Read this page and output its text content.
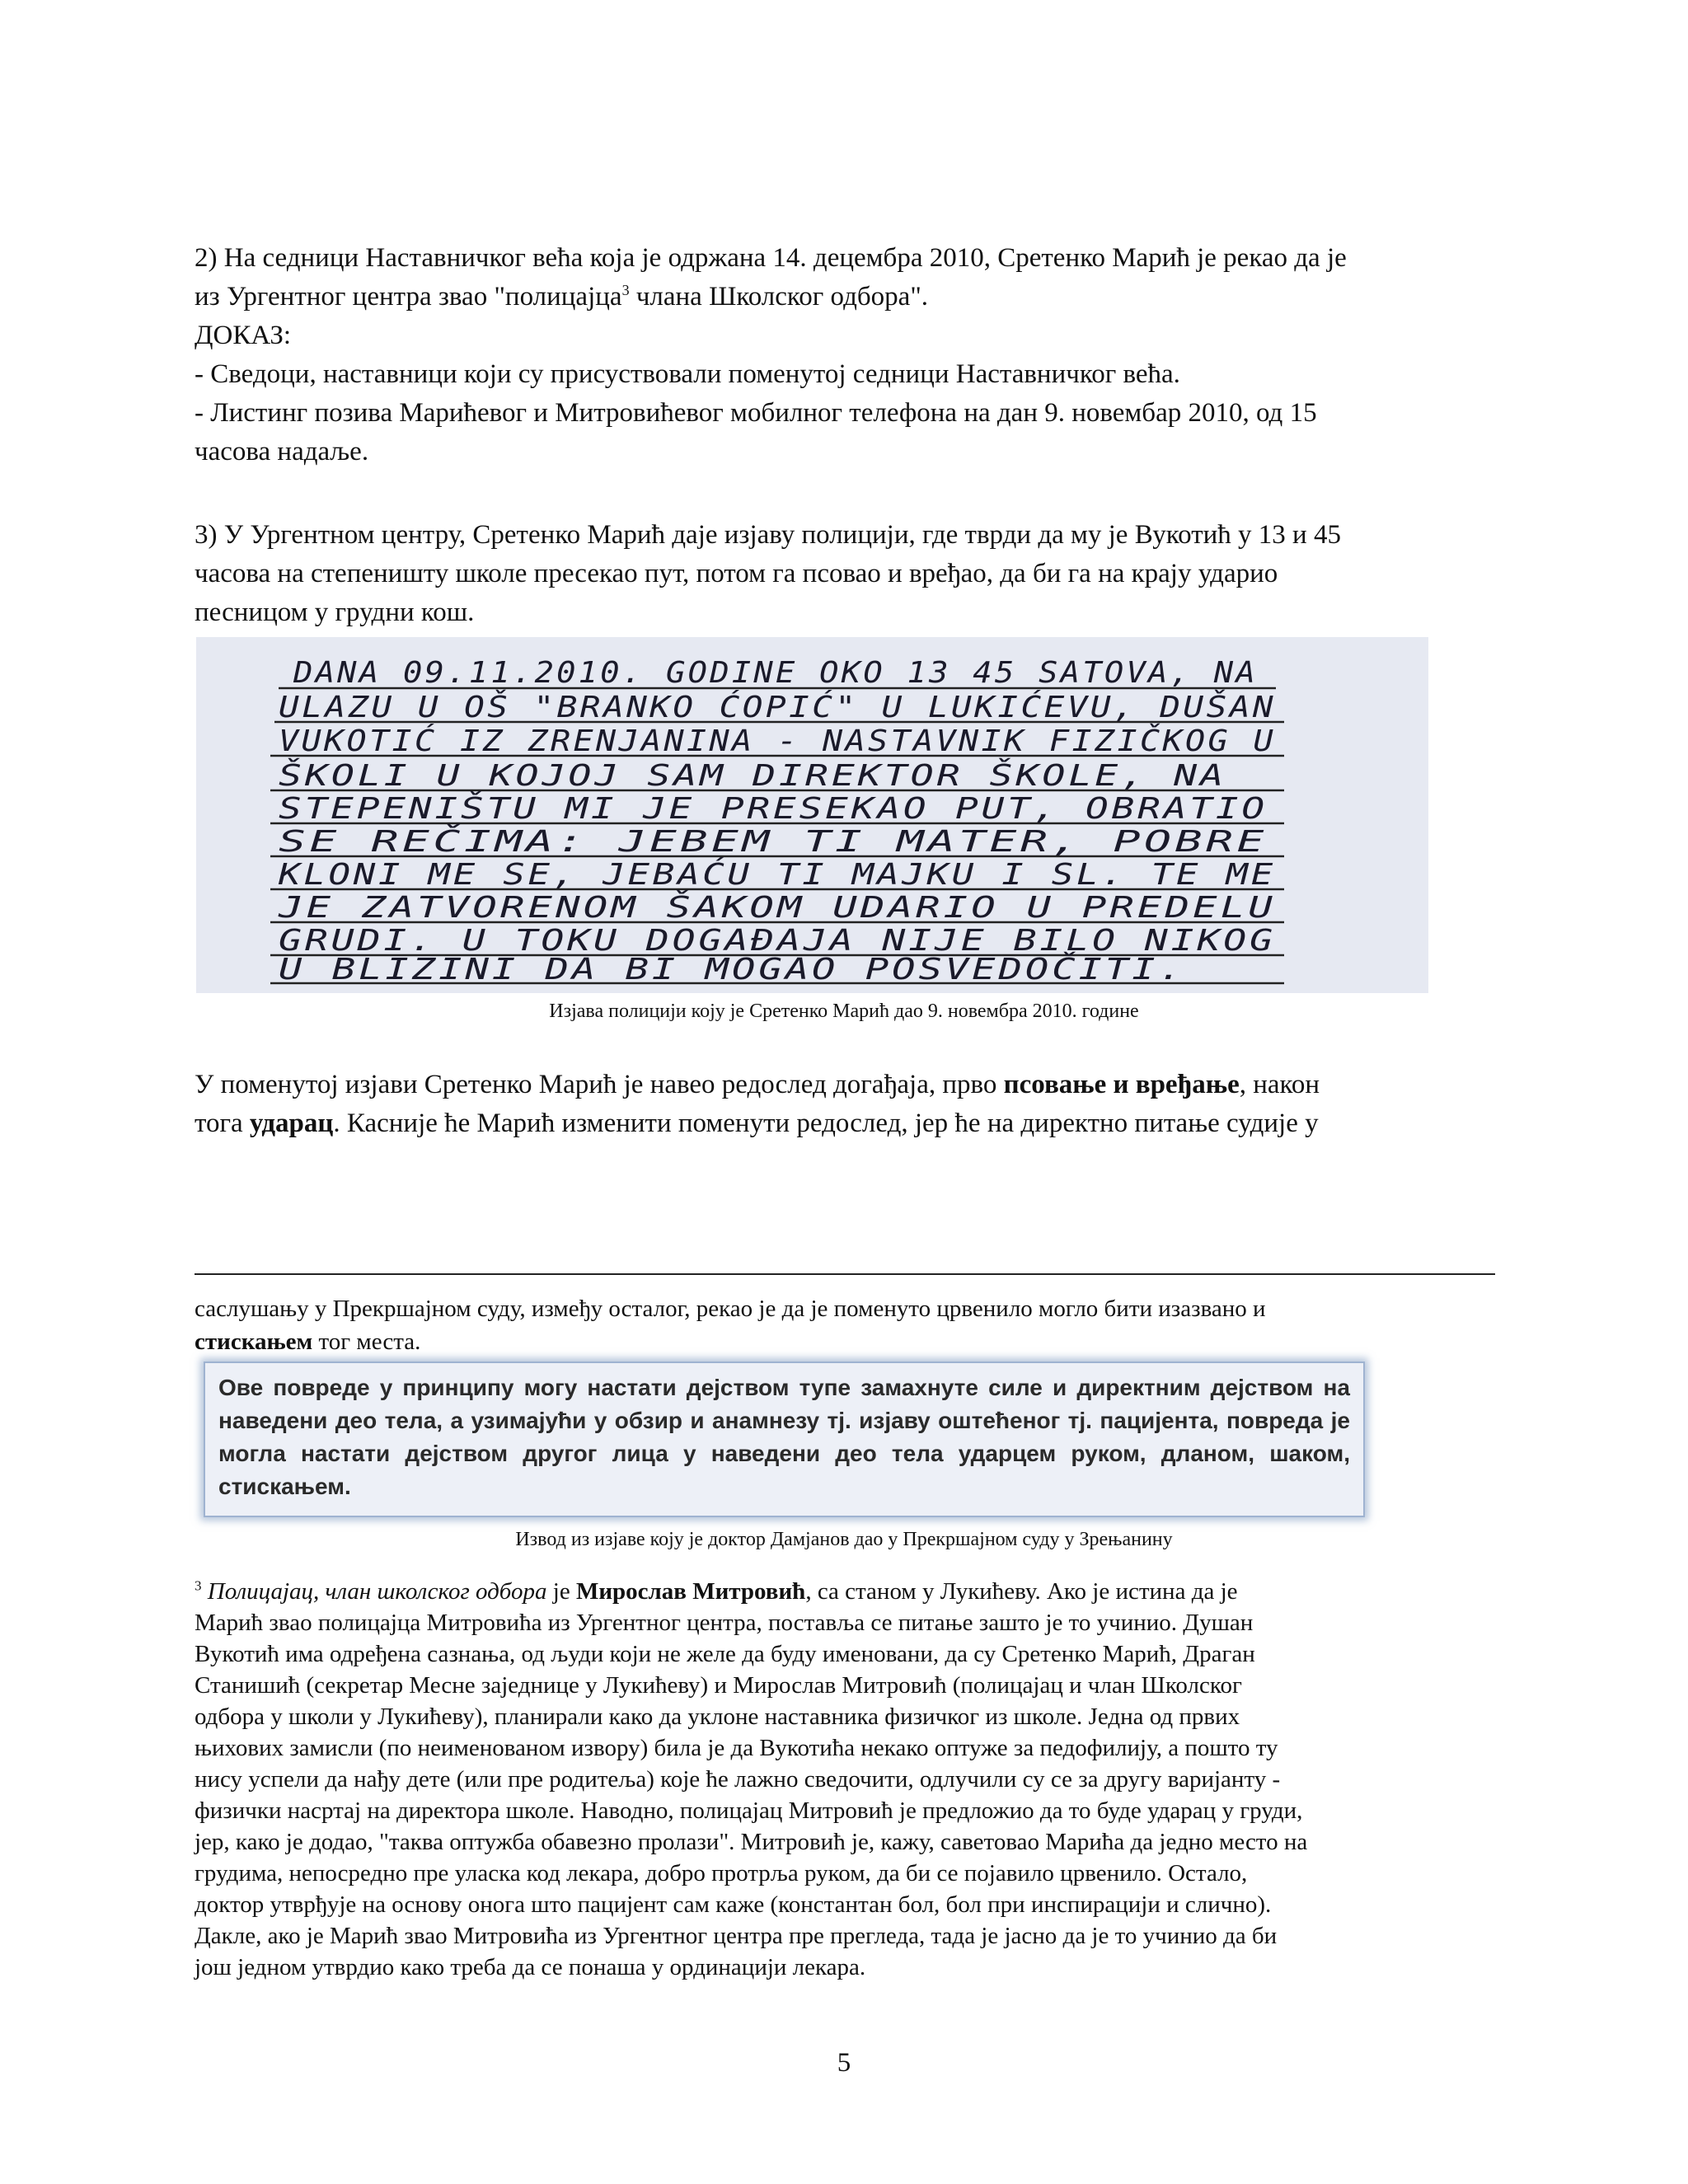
2) На седници Наставничког већа која је одржана 14. децембра 2010, Сретенко Марић је рекао да је
из Ургентног центра звао "полицајца$^3$ члана Школског одбора".
ДОКАЗ:
- Сведоци, наставници који су присуствовали поменутој седници Наставничког већа.
- Листинг позива Марићевог и Митровићевог мобилног телефона на дан 9. новембар 2010, од 15
часова надаље.

3) У Ургентном центру, Сретенко Марић даје изјаву полицији, где тврди да му је Вукотић у 13 и 45
часова на степеништу школе пресекао пут, потом га псовао и вређао, да би га на крају ударио
песницом у грудни кош.

DANA 09.11.2010. GODINE OKO 13 45 SATOVA, NA
ULAZU U OŠ "BRANKO ĆOPIĆ" U LUKIĆEVU, DUŠAN
VUKOTIĆ IZ ZRENJANINA - NASTAVNIK FIZIČKOG U
ŠKOLI U KOJOJ SAM DIREKTOR ŠKOLE, NA
STEPENIŠTU MI JE PRESEKAO PUT, OBRATIO
SE REČIMA: JEBEM TI MATER, POBRE
KLONI ME SE, JEBAĆU TI MAJKU I SL. TE ME
JE ZATVORENOM ŠAKOM UDARIO U PREDELU
GRUDI. U TOKU DOGAĐAJA NIJE BILO NIKOG
U BLIZINI DA BI MOGAO POSVEDOČITI.
Изјава полицији коју је Сретенко Марић дао 9. новембра 2010. године

У поменутој изјави Сретенко Марић је навео редослед догађаја, прво псовање и вређање, након
тога ударац. Касније ће Марић изменити поменути редослед, јер ће на директно питање судије у

саслушању у Прекршајном суду, између осталог, рекао је да је поменуто црвенило могло бити изазвано и
стискањем тог места.

Ове повреде у принципу могу настати дејством тупе замахнуте силе и директним дејством на наведени део тела, а узимајући у обзир и анамнезу тј. изјаву оштећеног тј. пацијента, повреда је могла настати дејством другог лица у наведени део тела ударцем руком, дланом, шаком, стискањем.
Извод из изјаве коју је доктор Дамјанов дао у Прекршајном суду у Зрењанину
$^3$ Полицајац, члан школског одбора је Мирослав Митровић, са станом у Лукићеву. Ако је истина да је
Марић звао полицајца Митровића из Ургентног центра, поставља се питање зашто је то учинио. Душан
Вукотић има одређена сазнања, од људи који не желе да буду именовани, да су Сретенко Марић, Драган
Станишић (секретар Месне заједнице у Лукићеву) и Мирослав Митровић (полицајац и члан Школског
одбора у школи у Лукићеву), планирали како да уклоне наставника физичког из школе. Једна од првих
њихових замисли (по неименованом извору) била је да Вукотића некако оптуже за педофилију, а пошто ту
нису успели да нађу дете (или пре родитеља) које ће лажно сведочити, одлучили су се за другу варијанту -
физички насртај на директора школе. Наводно, полицајац Митровић је предложио да то буде ударац у груди,
јер, како је додао, "таква оптужба обавезно пролази". Митровић је, кажу, саветовао Марића да једно место на
грудима, непосредно пре уласка код лекара, добро протрља руком, да би се појавило црвенило. Остало,
доктор утврђује на основу онога што пацијент сам каже (константан бол, бол при инспирацији и слично).
Дакле, ако је Марић звао Митровића из Ургентног центра пре прегледа, тада је јасно да је то учинио да би
још једном утврдио како треба да се понаша у ординацији лекара.
5
